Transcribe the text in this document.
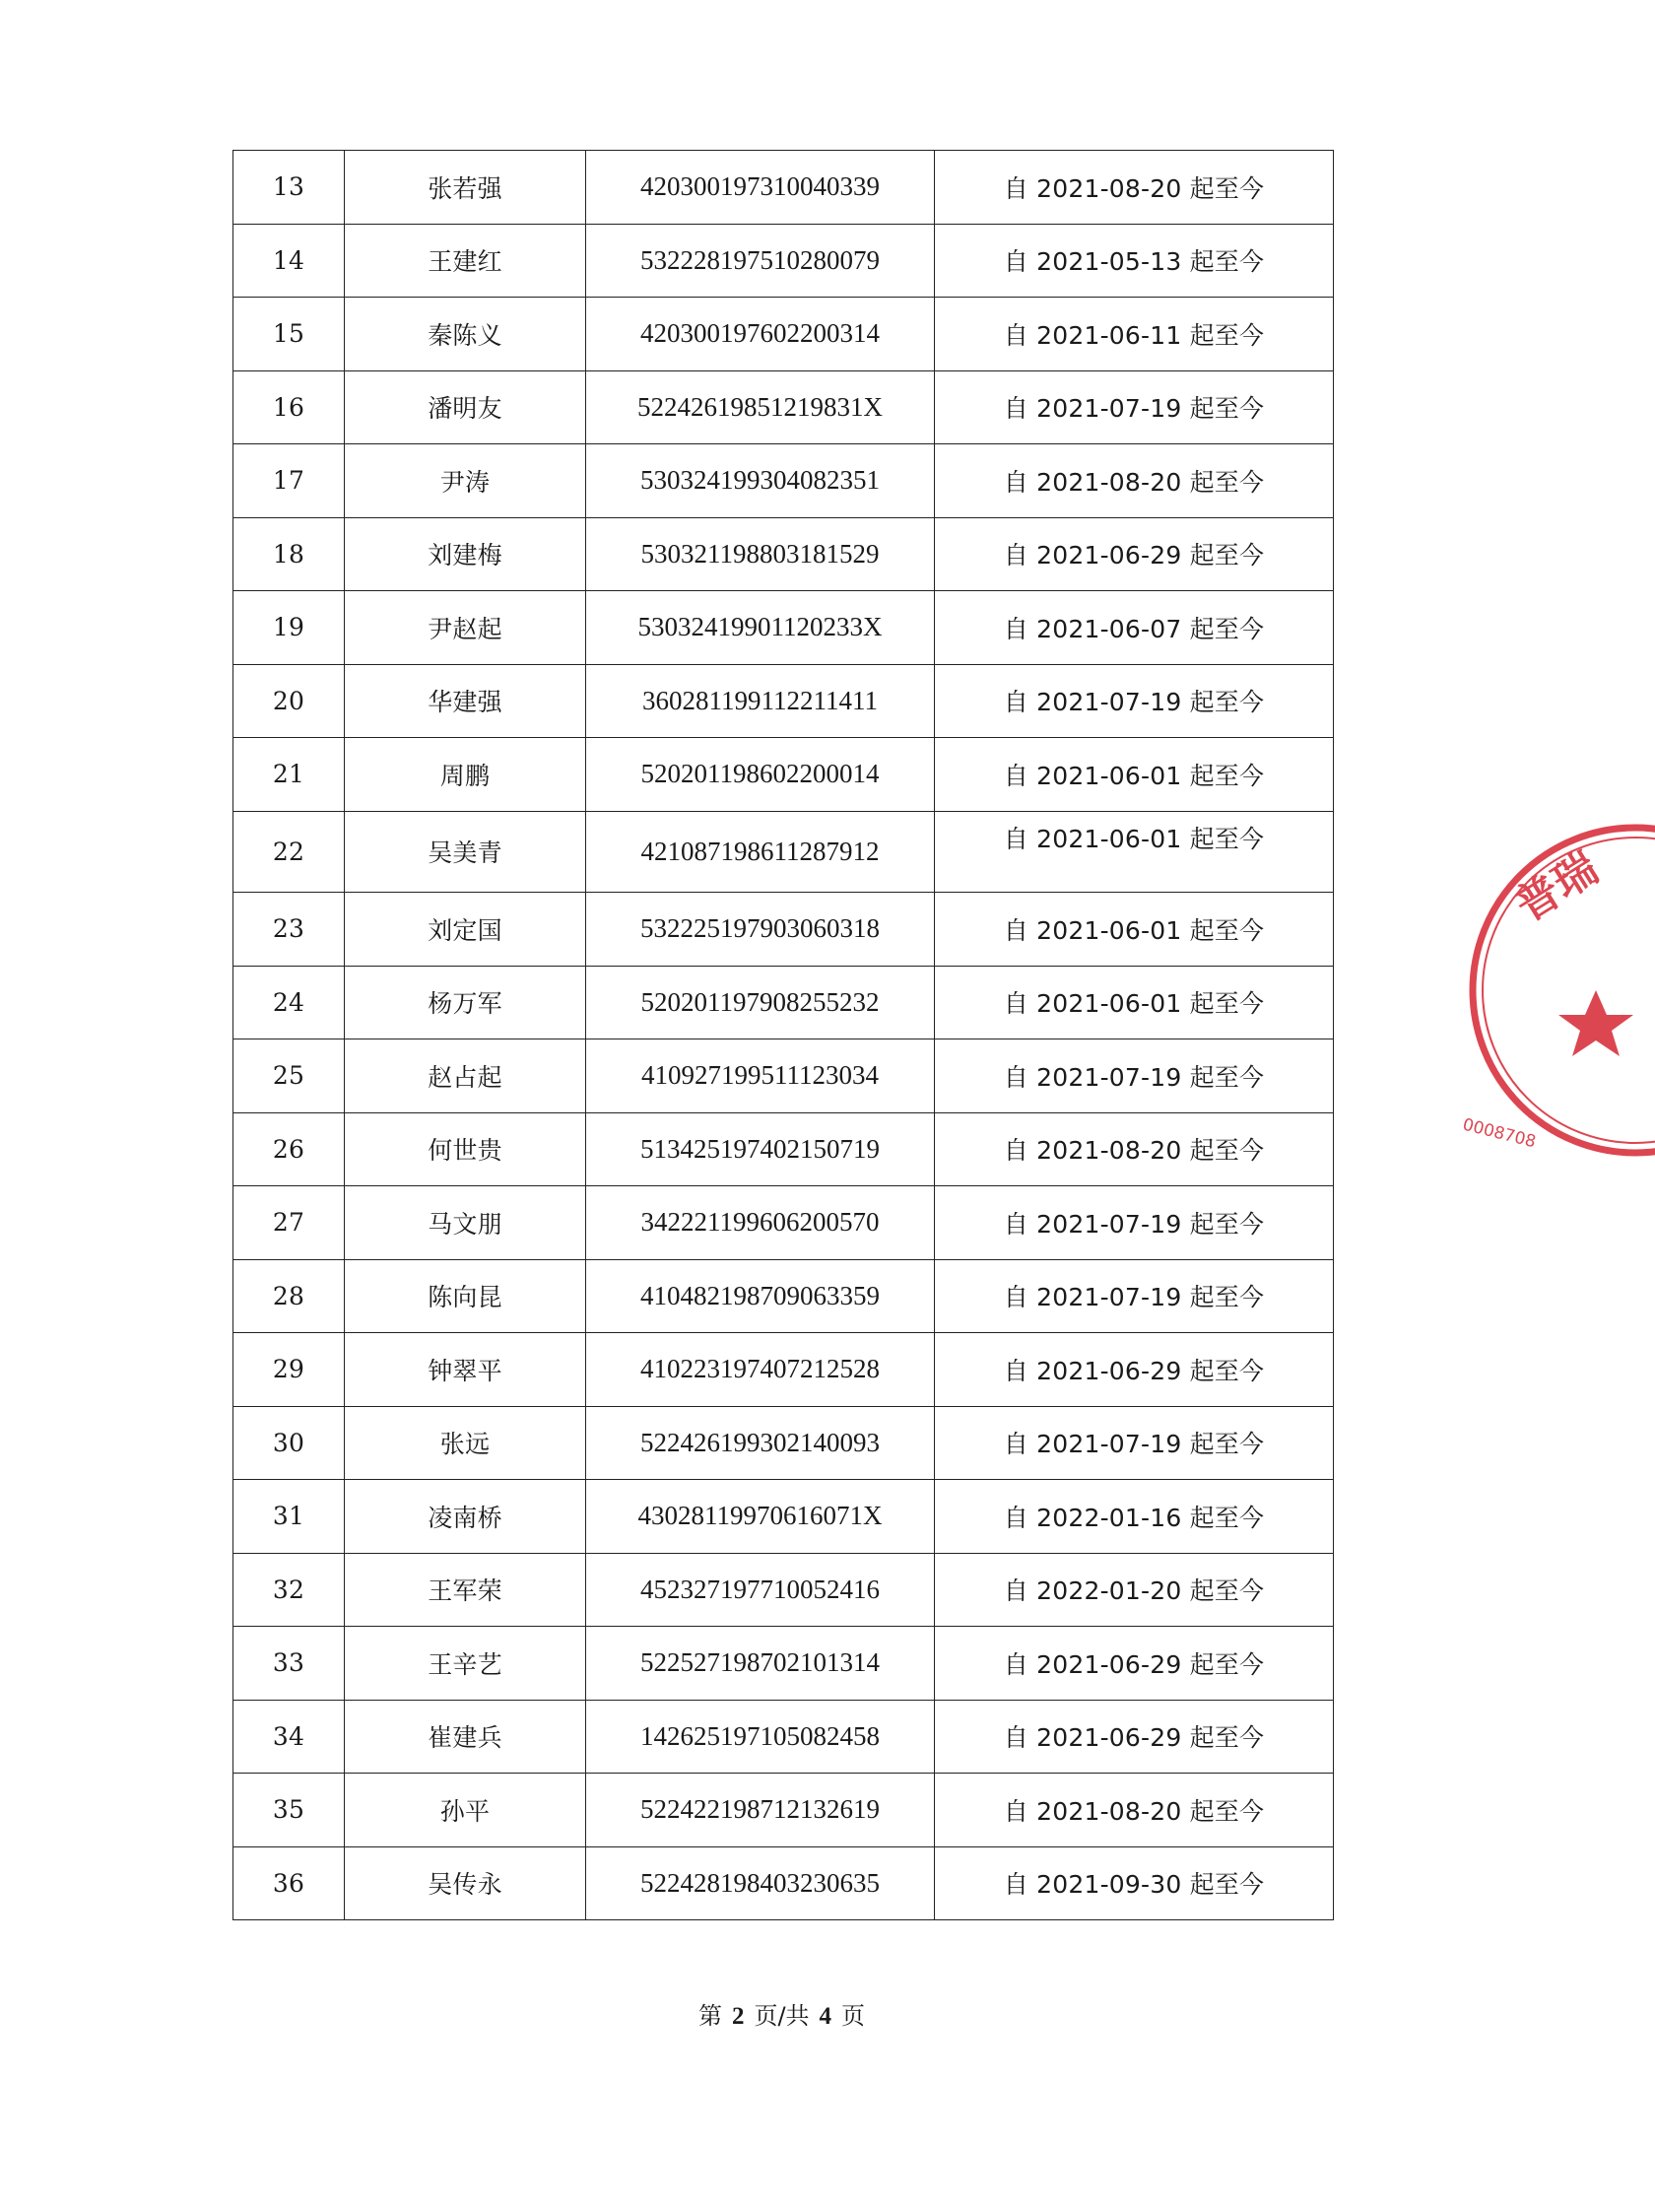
13	张若强	420300197310040339	自 2021-08-20 起至今
14	王建红	532228197510280079	自 2021-05-13 起至今
15	秦陈义	420300197602200314	自 2021-06-11 起至今
16	潘明友	52242619851219831X	自 2021-07-19 起至今
17	尹涛	530324199304082351	自 2021-08-20 起至今
18	刘建梅	530321198803181529	自 2021-06-29 起至今
19	尹赵起	53032419901120233X	自 2021-06-07 起至今
20	华建强	360281199112211411	自 2021-07-19 起至今
21	周鹏	520201198602200014	自 2021-06-01 起至今
22	吴美青	421087198611287912	自 2021-06-01 起至今
23	刘定国	532225197903060318	自 2021-06-01 起至今
24	杨万军	520201197908255232	自 2021-06-01 起至今
25	赵占起	410927199511123034	自 2021-07-19 起至今
26	何世贵	513425197402150719	自 2021-08-20 起至今
27	马文朋	342221199606200570	自 2021-07-19 起至今
28	陈向昆	410482198709063359	自 2021-07-19 起至今
29	钟翠平	410223197407212528	自 2021-06-29 起至今
30	张远	522426199302140093	自 2021-07-19 起至今
31	凌南桥	43028119970616071X	自 2022-01-16 起至今
32	王军荣	452327197710052416	自 2022-01-20 起至今
33	王辛艺	522527198702101314	自 2021-06-29 起至今
34	崔建兵	142625197105082458	自 2021-06-29 起至今
35	孙平	522422198712132619	自 2021-08-20 起至今
36	吴传永	522428198403230635	自 2021-09-30 起至今
第 2 页/共 4 页
普瑞
0008708
